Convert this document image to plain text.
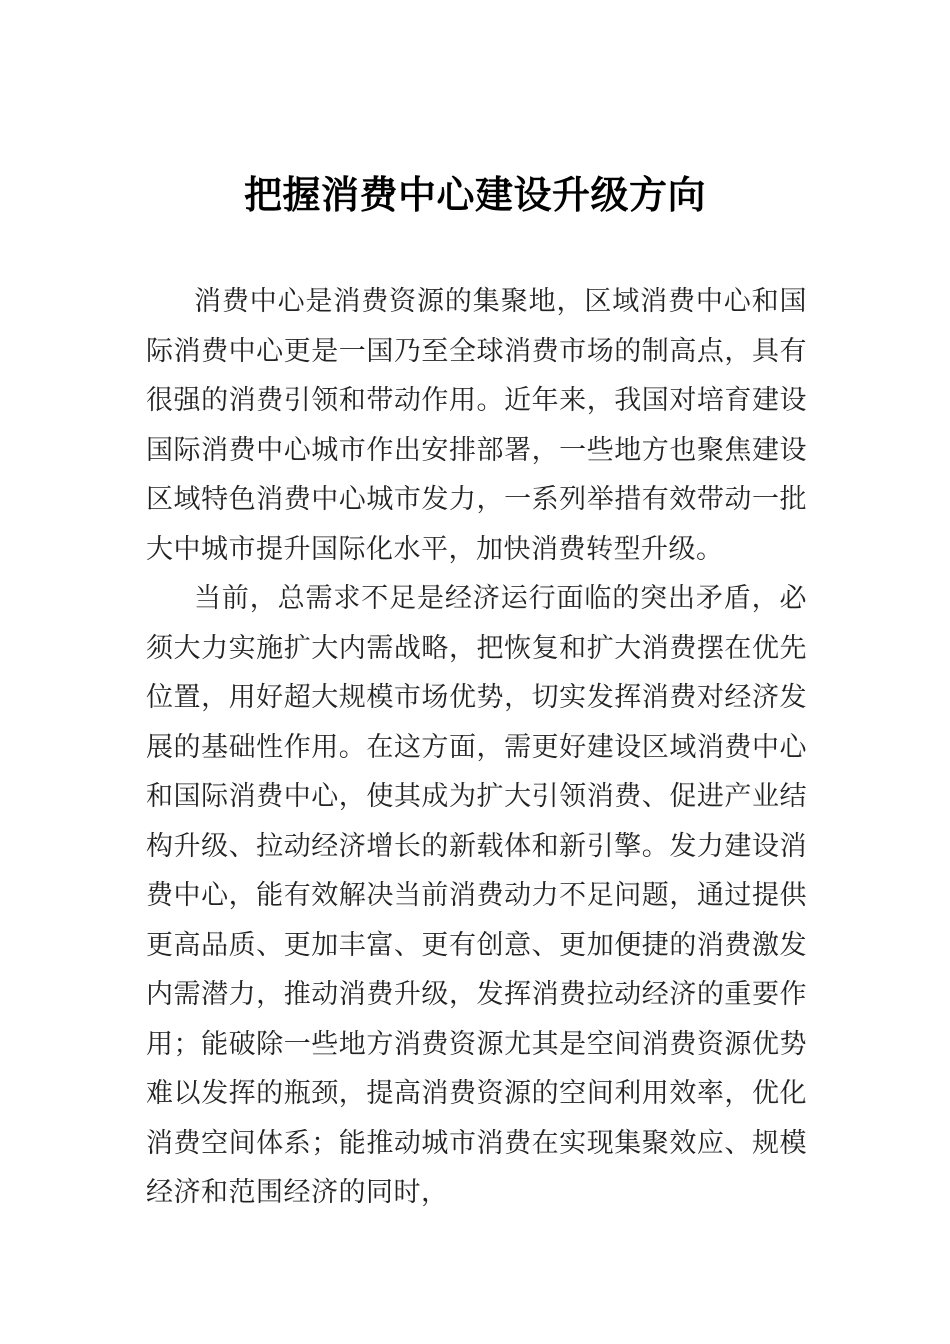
把握消费中心建设升级方向

消费中心是消费资源的集聚地，区域消费中心和国际消费中心更是一国乃至全球消费市场的制高点，具有很强的消费引领和带动作用。近年来，我国对培育建设国际消费中心城市作出安排部署，一些地方也聚焦建设区域特色消费中心城市发力，一系列举措有效带动一批大中城市提升国际化水平，加快消费转型升级。

当前，总需求不足是经济运行面临的突出矛盾，必须大力实施扩大内需战略，把恢复和扩大消费摆在优先位置，用好超大规模市场优势，切实发挥消费对经济发展的基础性作用。在这方面，需更好建设区域消费中心和国际消费中心，使其成为扩大引领消费、促进产业结构升级、拉动经济增长的新载体和新引擎。发力建设消费中心，能有效解决当前消费动力不足问题，通过提供更高品质、更加丰富、更有创意、更加便捷的消费激发内需潜力，推动消费升级，发挥消费拉动经济的重要作用；能破除一些地方消费资源尤其是空间消费资源优势难以发挥的瓶颈，提高消费资源的空间利用效率，优化消费空间体系；能推动城市消费在实现集聚效应、规模经济和范围经济的同时，
